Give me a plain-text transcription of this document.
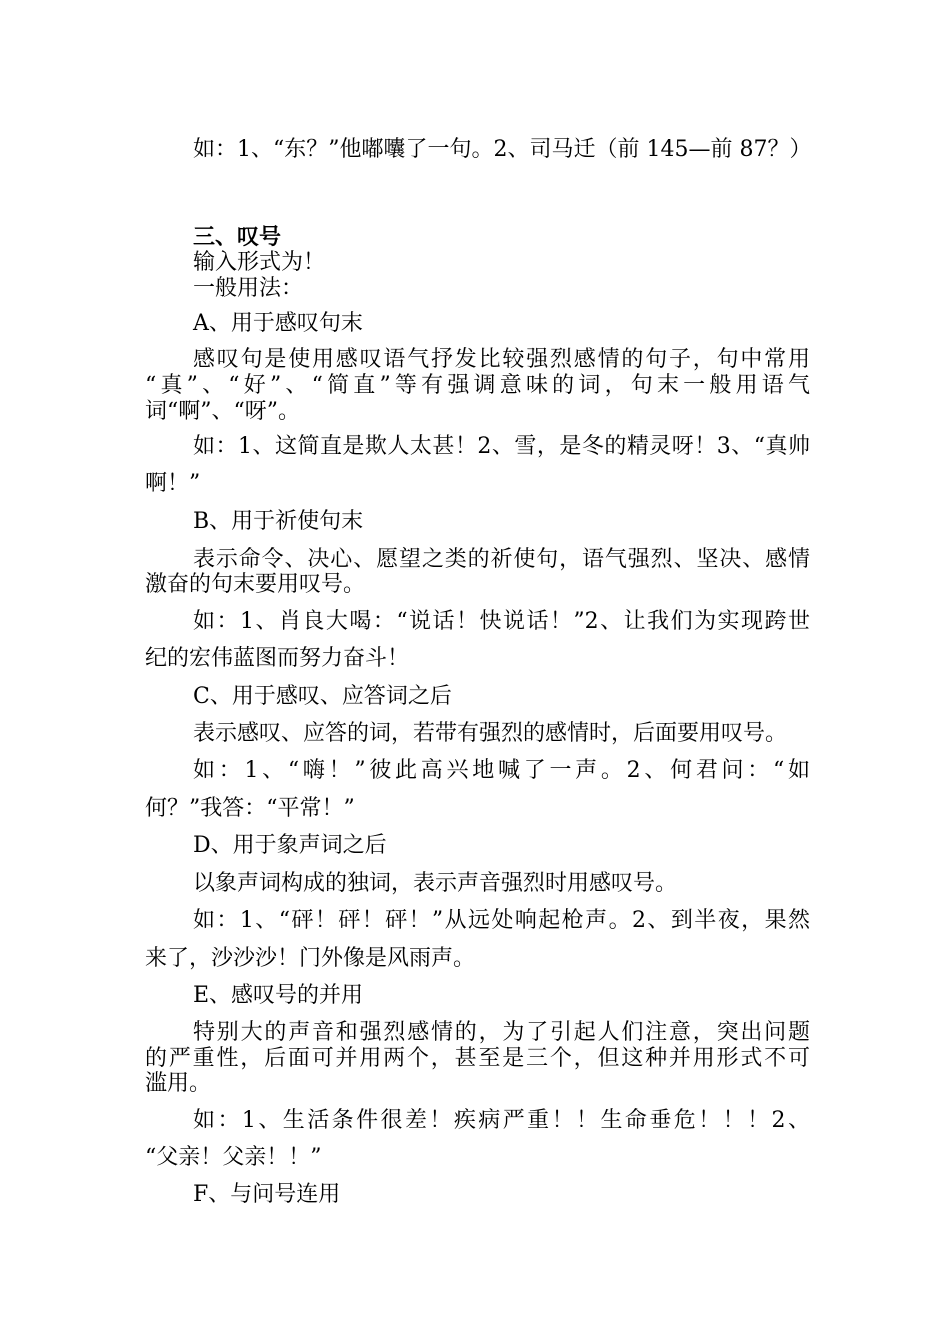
如：1、“东？”他嘟囔了一句。2、司马迁（前 145—前 87？）
三、叹号
输入形式为！
一般用法：
A、用于感叹句末
感叹句是使用感叹语气抒发比较强烈感情的句子，句中常用
“真”、“好”、“简直”等有强调意味的词，句末一般用语气
词“啊”、“呀”。
如：1、这简直是欺人太甚！2、雪，是冬的精灵呀！3、“真帅
啊！”
B、用于祈使句末
表示命令、决心、愿望之类的祈使句，语气强烈、坚决、感情
激奋的句末要用叹号。
如：1、肖良大喝：“说话！快说话！”2、让我们为实现跨世
纪的宏伟蓝图而努力奋斗！
C、用于感叹、应答词之后
表示感叹、应答的词，若带有强烈的感情时，后面要用叹号。
如：1、“嗨！”彼此高兴地喊了一声。2、何君问：“如
何？”我答：“平常！”
D、用于象声词之后
以象声词构成的独词，表示声音强烈时用感叹号。
如：1、“砰！砰！砰！”从远处响起枪声。2、到半夜，果然
来了，沙沙沙！门外像是风雨声。
E、感叹号的并用
特别大的声音和强烈感情的，为了引起人们注意，突出问题
的严重性，后面可并用两个，甚至是三个，但这种并用形式不可
滥用。
如：1、生活条件很差！疾病严重！！生命垂危！！！2、
“父亲！父亲！！”
F、与问号连用
